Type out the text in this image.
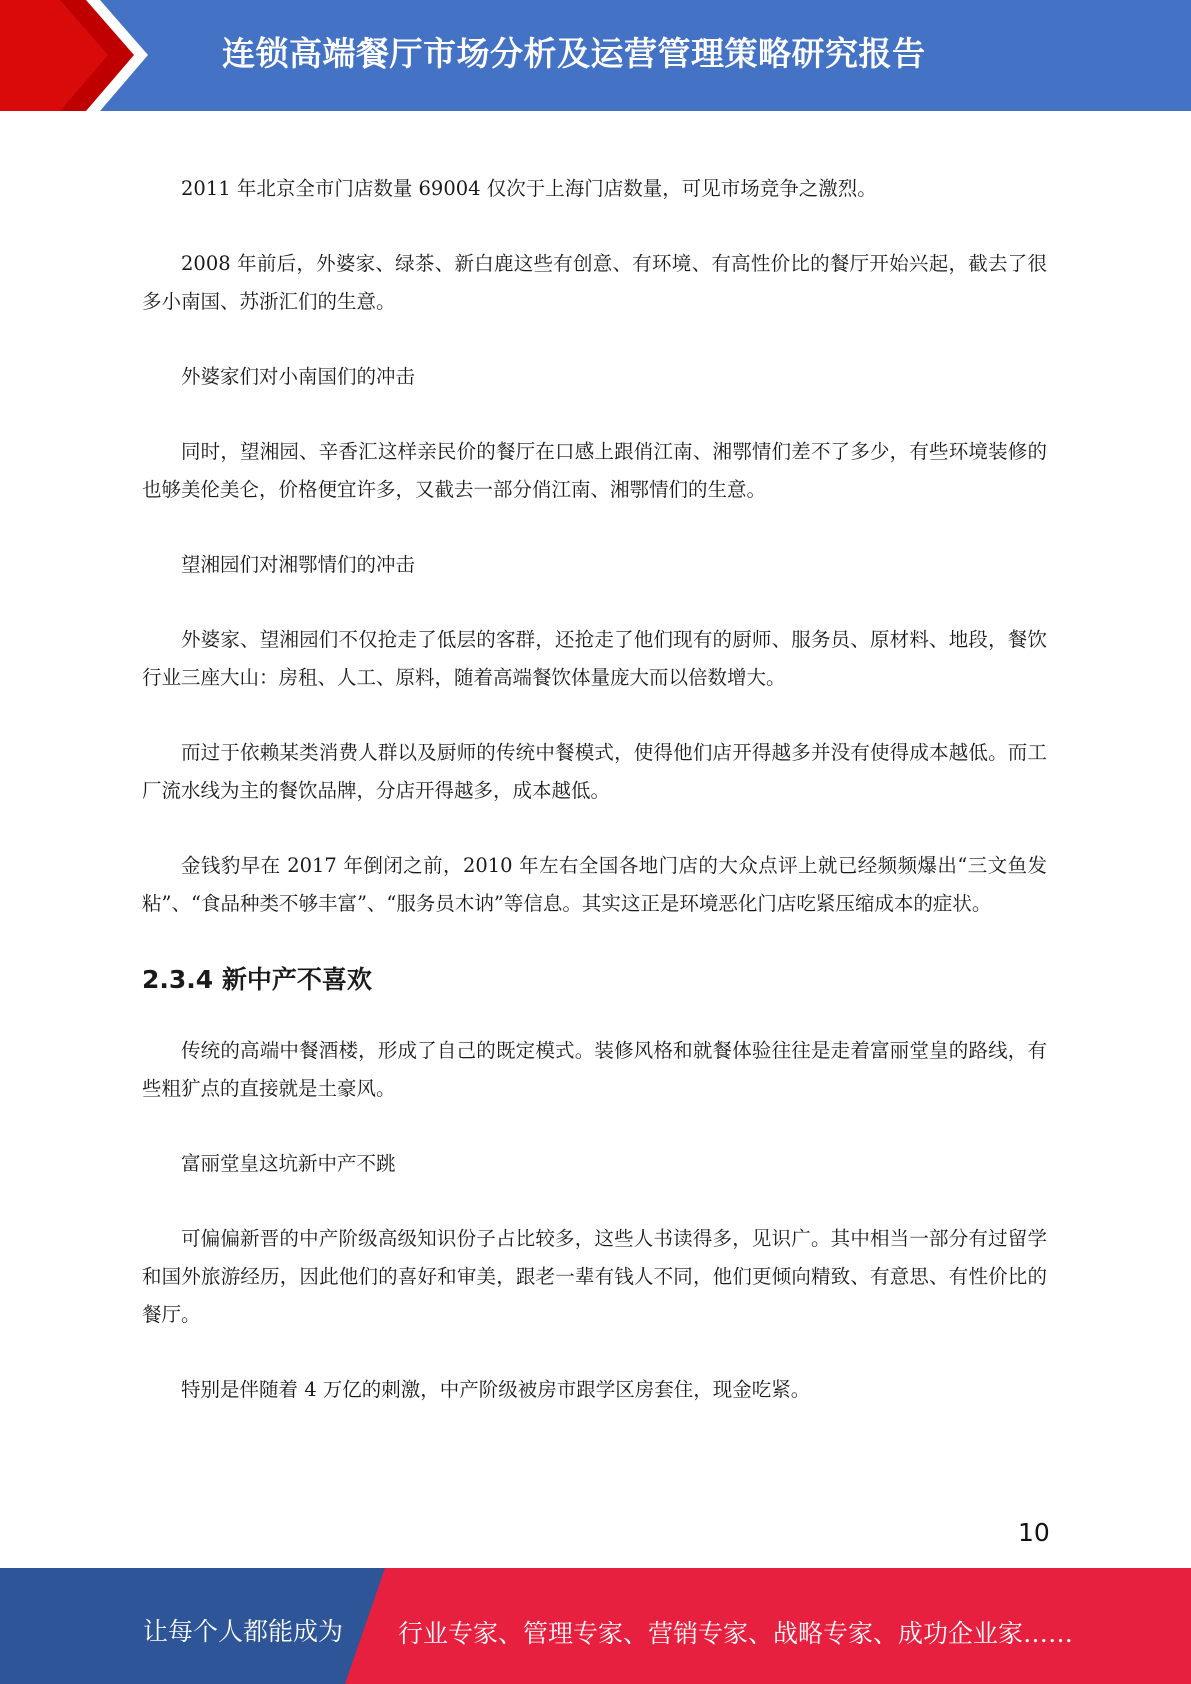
连锁高端餐厅市场分析及运营管理策略研究报告

2011 年北京全市门店数量 69004 仅次于上海门店数量，可见市场竞争之激烈。

2008 年前后，外婆家、绿茶、新白鹿这些有创意、有环境、有高性价比的餐厅开始兴起，截去了很多小南国、苏浙汇们的生意。

外婆家们对小南国们的冲击

同时，望湘园、辛香汇这样亲民价的餐厅在口感上跟俏江南、湘鄂情们差不了多少，有些环境装修的也够美伦美仑，价格便宜许多，又截去一部分俏江南、湘鄂情们的生意。

望湘园们对湘鄂情们的冲击

外婆家、望湘园们不仅抢走了低层的客群，还抢走了他们现有的厨师、服务员、原材料、地段，餐饮行业三座大山：房租、人工、原料，随着高端餐饮体量庞大而以倍数增大。

而过于依赖某类消费人群以及厨师的传统中餐模式，使得他们店开得越多并没有使得成本越低。而工厂流水线为主的餐饮品牌，分店开得越多，成本越低。

金钱豹早在 2017 年倒闭之前，2010 年左右全国各地门店的大众点评上就已经频频爆出“三文鱼发粘”、“食品种类不够丰富”、“服务员木讷”等信息。其实这正是环境恶化门店吃紧压缩成本的症状。

2.3.4 新中产不喜欢

传统的高端中餐酒楼，形成了自己的既定模式。装修风格和就餐体验往往是走着富丽堂皇的路线，有些粗犷点的直接就是土豪风。

富丽堂皇这坑新中产不跳

可偏偏新晋的中产阶级高级知识份子占比较多，这些人书读得多，见识广。其中相当一部分有过留学和国外旅游经历，因此他们的喜好和审美，跟老一辈有钱人不同，他们更倾向精致、有意思、有性价比的餐厅。

特别是伴随着 4 万亿的刺激，中产阶级被房市跟学区房套住，现金吃紧。

10
让每个人都能成为 行业专家、管理专家、营销专家、战略专家、成功企业家……
